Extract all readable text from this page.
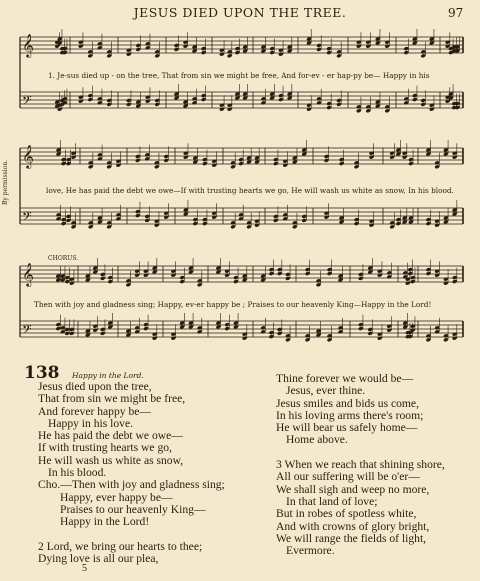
JESUS DIED UPON THE TREE.	97
𝄞
𝄢
𝄞
𝄢
𝄞
𝄢
1. Je-sus died up - on the tree, That from sin we might be free, And for-ev - er hap-py be— Happy in his
love, He has paid the debt we owe—If with trusting hearts we go, He will wash us white as snow, In his blood.
CHORUS.
Then with joy and gladness sing; Happy, ev-er happy be ; Praises to our heavenly King—Happy in the Lord!
By permission.
138 Happy in the Lord.
Jesus died upon the tree,
That from sin we might be free,
And forever happy be—
Happy in his love.
He has paid the debt we owe—
If with trusting hearts we go,
He will wash us white as snow,
In his blood.
Cho.—Then with joy and gladness sing;
Happy, ever happy be—
Praises to our heavenly King—
Happy in the Lord!

2 Lord, we bring our hearts to thee;
Dying love is all our plea,
Thine forever we would be—
Jesus, ever thine.
Jesus smiles and bids us come,
In his loving arms there's room;
He will bear us safely home—
Home above.

3 When we reach that shining shore,
All our suffering will be o'er—
We shall sigh and weep no more,
In that land of love;
But in robes of spotless white,
And with crowns of glory bright,
We will range the fields of light,
Evermore.
5
